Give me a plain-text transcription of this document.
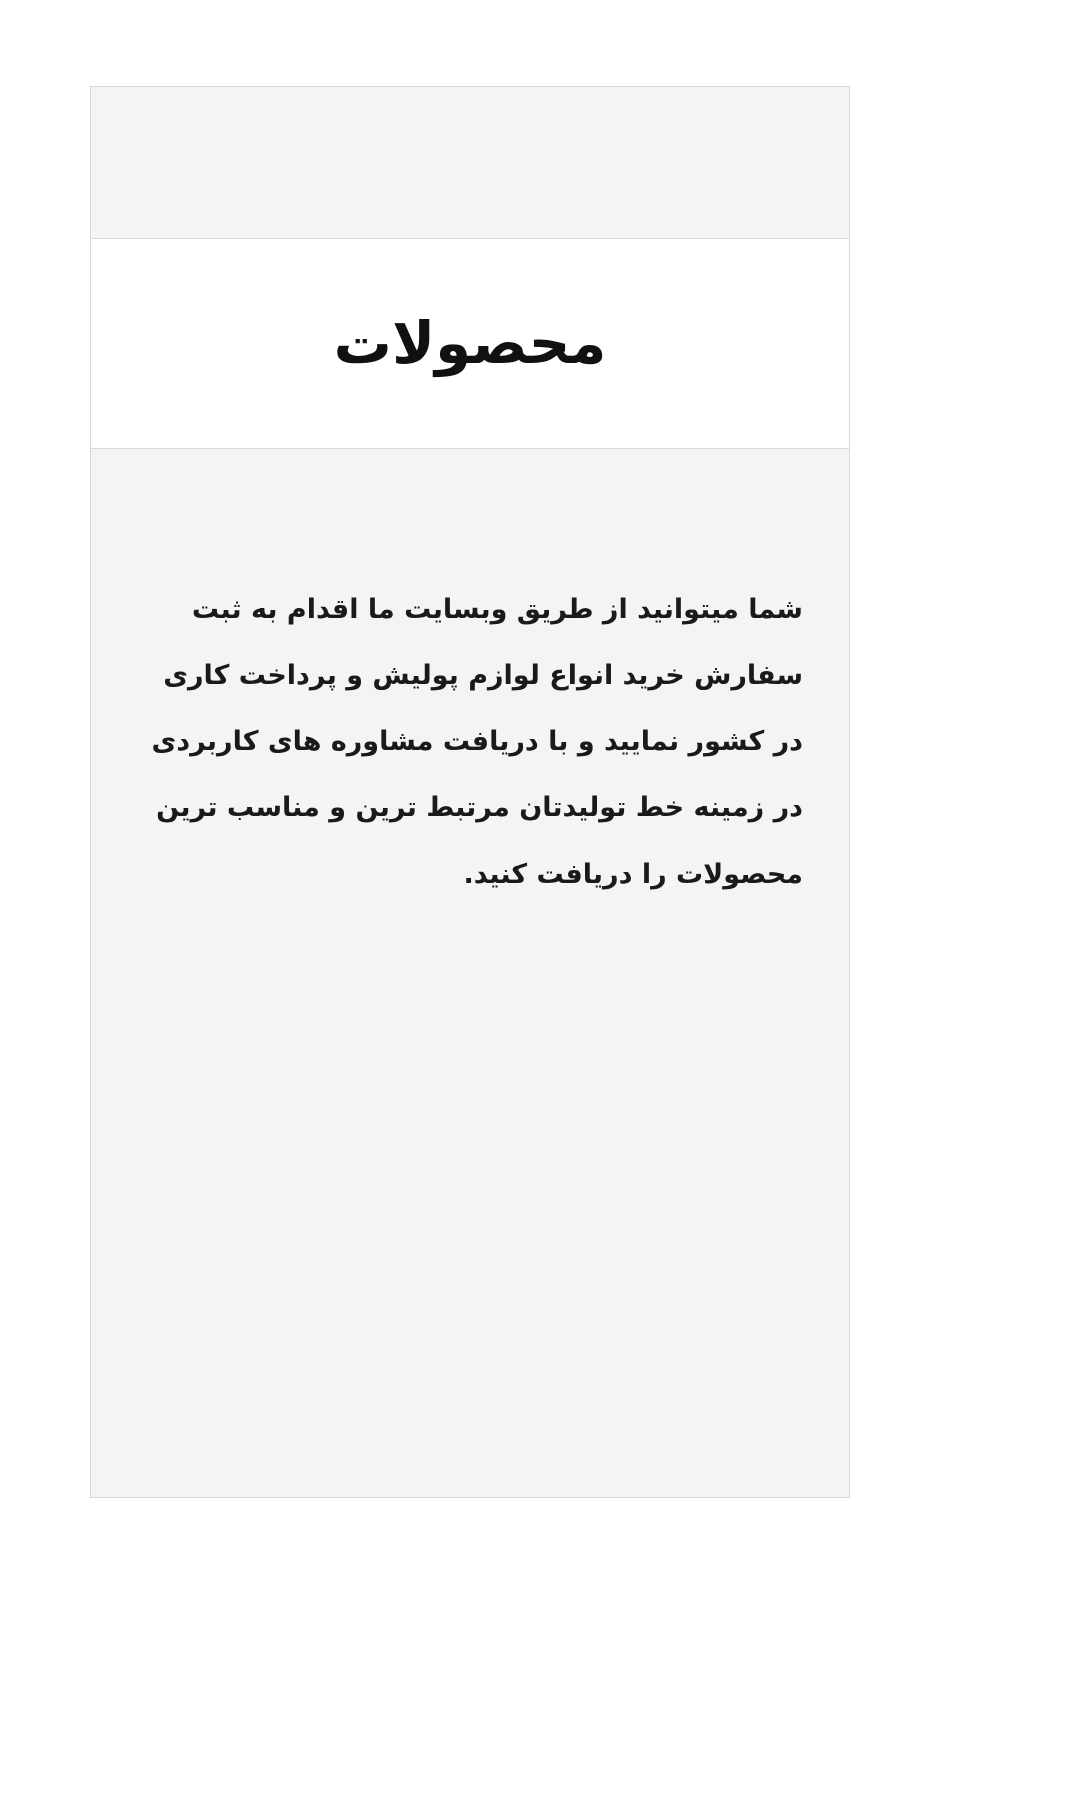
محصولات

شما میتوانید از طریق وبسایت ما اقدام به ثبت سفارش خرید انواع لوازم پولیش و پرداخت کاری در کشور نمایید و با دریافت مشاوره های کاربردی در زمینه خط تولیدتان مرتبط ترین و مناسب ترین محصولات را دریافت کنید.
